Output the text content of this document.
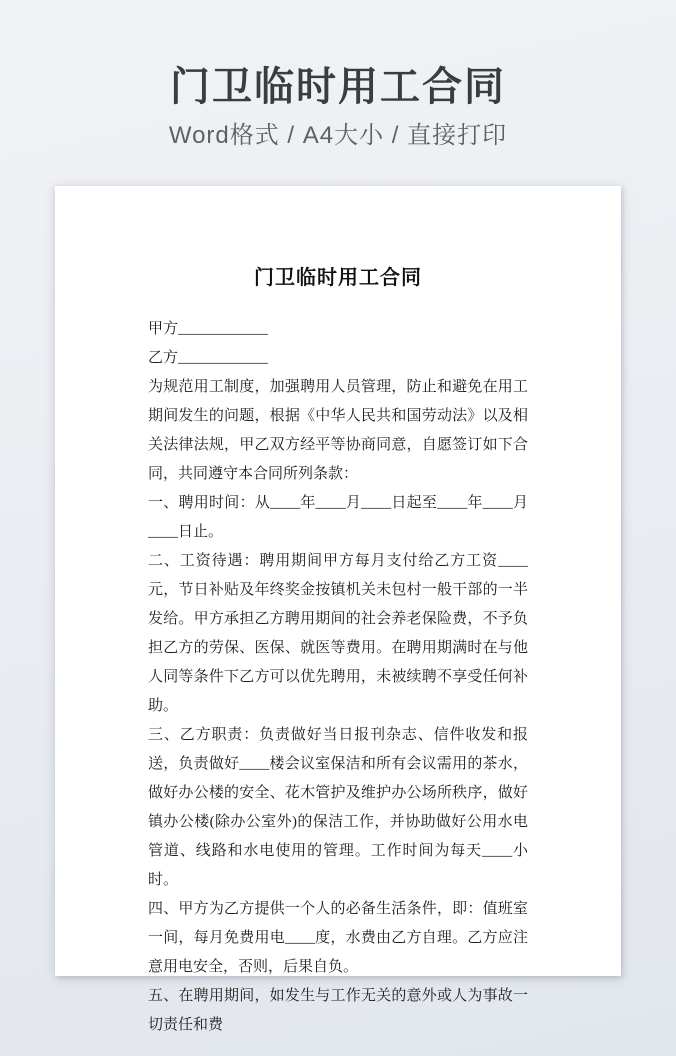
门卫临时用工合同
Word格式 / A4大小 / 直接打印
门卫临时用工合同

甲方____________

乙方____________

为规范用工制度，加强聘用人员管理，防止和避免在用工期间发生的问题，根据《中华人民共和国劳动法》以及相关法律法规，甲乙双方经平等协商同意，自愿签订如下合同，共同遵守本合同所列条款：

一、聘用时间：从____年____月____日起至____年____月____日止。

二、工资待遇：聘用期间甲方每月支付给乙方工资____元，节日补贴及年终奖金按镇机关未包村一般干部的一半发给。甲方承担乙方聘用期间的社会养老保险费，不予负担乙方的劳保、医保、就医等费用。在聘用期满时在与他人同等条件下乙方可以优先聘用，未被续聘不享受任何补助。

三、乙方职责：负责做好当日报刊杂志、信件收发和报送，负责做好____楼会议室保洁和所有会议需用的茶水，做好办公楼的安全、花木管护及维护办公场所秩序，做好镇办公楼(除办公室外)的保洁工作，并协助做好公用水电管道、线路和水电使用的管理。工作时间为每天____小时。

四、甲方为乙方提供一个人的必备生活条件，即：值班室一间，每月免费用电____度，水费由乙方自理。乙方应注意用电安全，否则，后果自负。

五、在聘用期间，如发生与工作无关的意外或人为事故一切责任和费
